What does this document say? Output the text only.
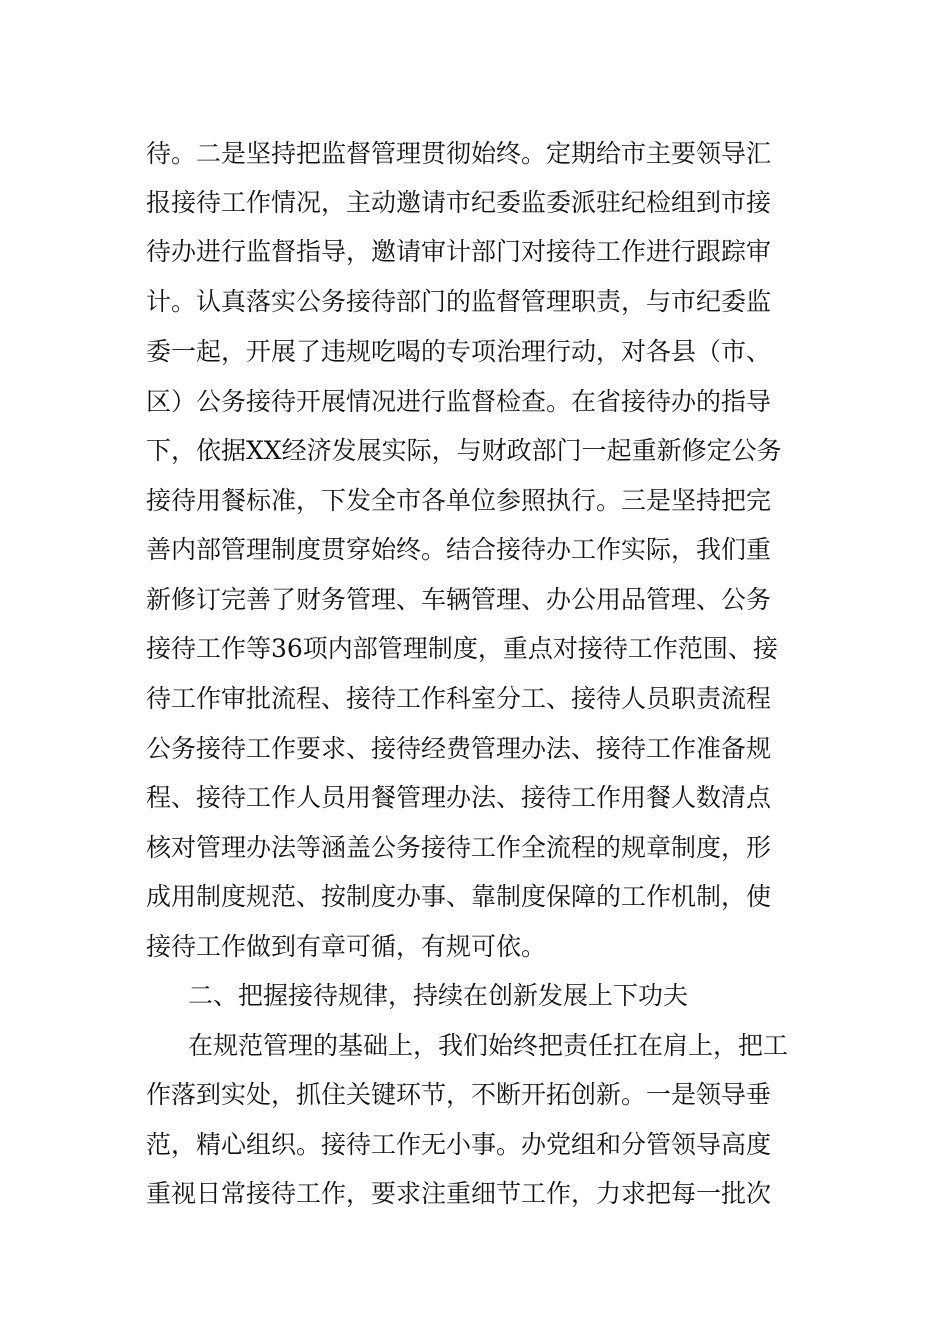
待。二是坚持把监督管理贯彻始终。定期给市主要领导汇
报接待工作情况，主动邀请市纪委监委派驻纪检组到市接
待办进行监督指导，邀请审计部门对接待工作进行跟踪审
计。认真落实公务接待部门的监督管理职责，与市纪委监
委一起，开展了违规吃喝的专项治理行动，对各县（市、
区）公务接待开展情况进行监督检查。在省接待办的指导
下，依据XX经济发展实际，与财政部门一起重新修定公务
接待用餐标准，下发全市各单位参照执行。三是坚持把完
善内部管理制度贯穿始终。结合接待办工作实际，我们重
新修订完善了财务管理、车辆管理、办公用品管理、公务
接待工作等36项内部管理制度，重点对接待工作范围、接
待工作审批流程、接待工作科室分工、接待人员职责流程
公务接待工作要求、接待经费管理办法、接待工作准备规
程、接待工作人员用餐管理办法、接待工作用餐人数清点
核对管理办法等涵盖公务接待工作全流程的规章制度，形
成用制度规范、按制度办事、靠制度保障的工作机制，使
接待工作做到有章可循，有规可依。
二、把握接待规律，持续在创新发展上下功夫
在规范管理的基础上，我们始终把责任扛在肩上，把工
作落到实处，抓住关键环节，不断开拓创新。一是领导垂
范，精心组织。接待工作无小事。办党组和分管领导高度
重视日常接待工作，要求注重细节工作，力求把每一批次
